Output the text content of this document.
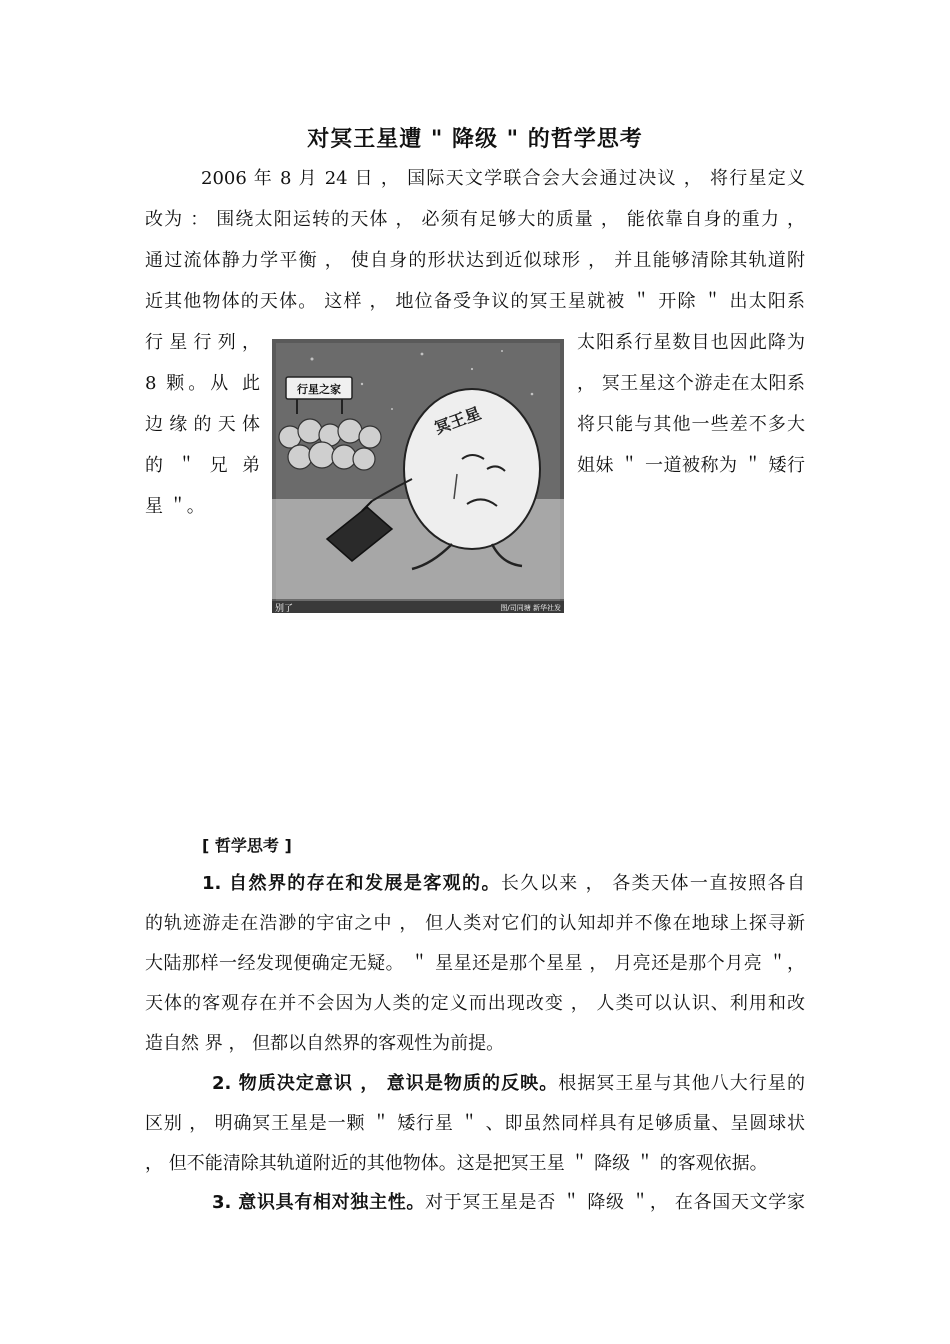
对冥王星遭 " 降级 " 的哲学思考
2006 年 8 月 24 日 ， 国际天文学联合会大会通过决议 ， 将行星定义
改为 ： 围绕太阳运转的天体 ， 必须有足够大的质量 ， 能依靠自身的重力 ，
通过流体静力学平衡 ， 使自身的形状达到近似球形 ， 并且能够清除其轨道附
近其他物体的天体。 这样 ， 地位备受争议的冥王星就被 ＂ 开除 ＂ 出太阳系
行 星 行 列 ，
8 颗。从 此
边 缘 的 天 体
的 ＂ 兄 弟
星 ＂。
太阳系行星数目也因此降为
， 冥王星这个游走在太阳系
将只能与其他一些差不多大
姐妹 ＂ 一道被称为 ＂ 矮行
行星之家
冥王星
别了	图/司同塘 新华社发
[ 哲学思考 ]
1. 自然界的存在和发展是客观的。长久以来 ， 各类天体一直按照各自
的轨迹游走在浩渺的宇宙之中 ， 但人类对它们的认知却并不像在地球上探寻新
大陆那样一经发现便确定无疑。 ＂ 星星还是那个星星 ， 月亮还是那个月亮 ＂，
天体的客观存在并不会因为人类的定义而出现改变 ， 人类可以认识、利用和改
造自然 界 ， 但都以自然界的客观性为前提。
2. 物质决定意识 ， 意识是物质的反映。根据冥王星与其他八大行星的
区别 ， 明确冥王星是一颗 ＂ 矮行星 ＂ 、即虽然同样具有足够质量、呈圆球状
， 但不能清除其轨道附近的其他物体。这是把冥王星 ＂ 降级 ＂ 的客观依据。
3. 意识具有相对独主性。对于冥王星是否 ＂ 降级 ＂， 在各国天文学家
